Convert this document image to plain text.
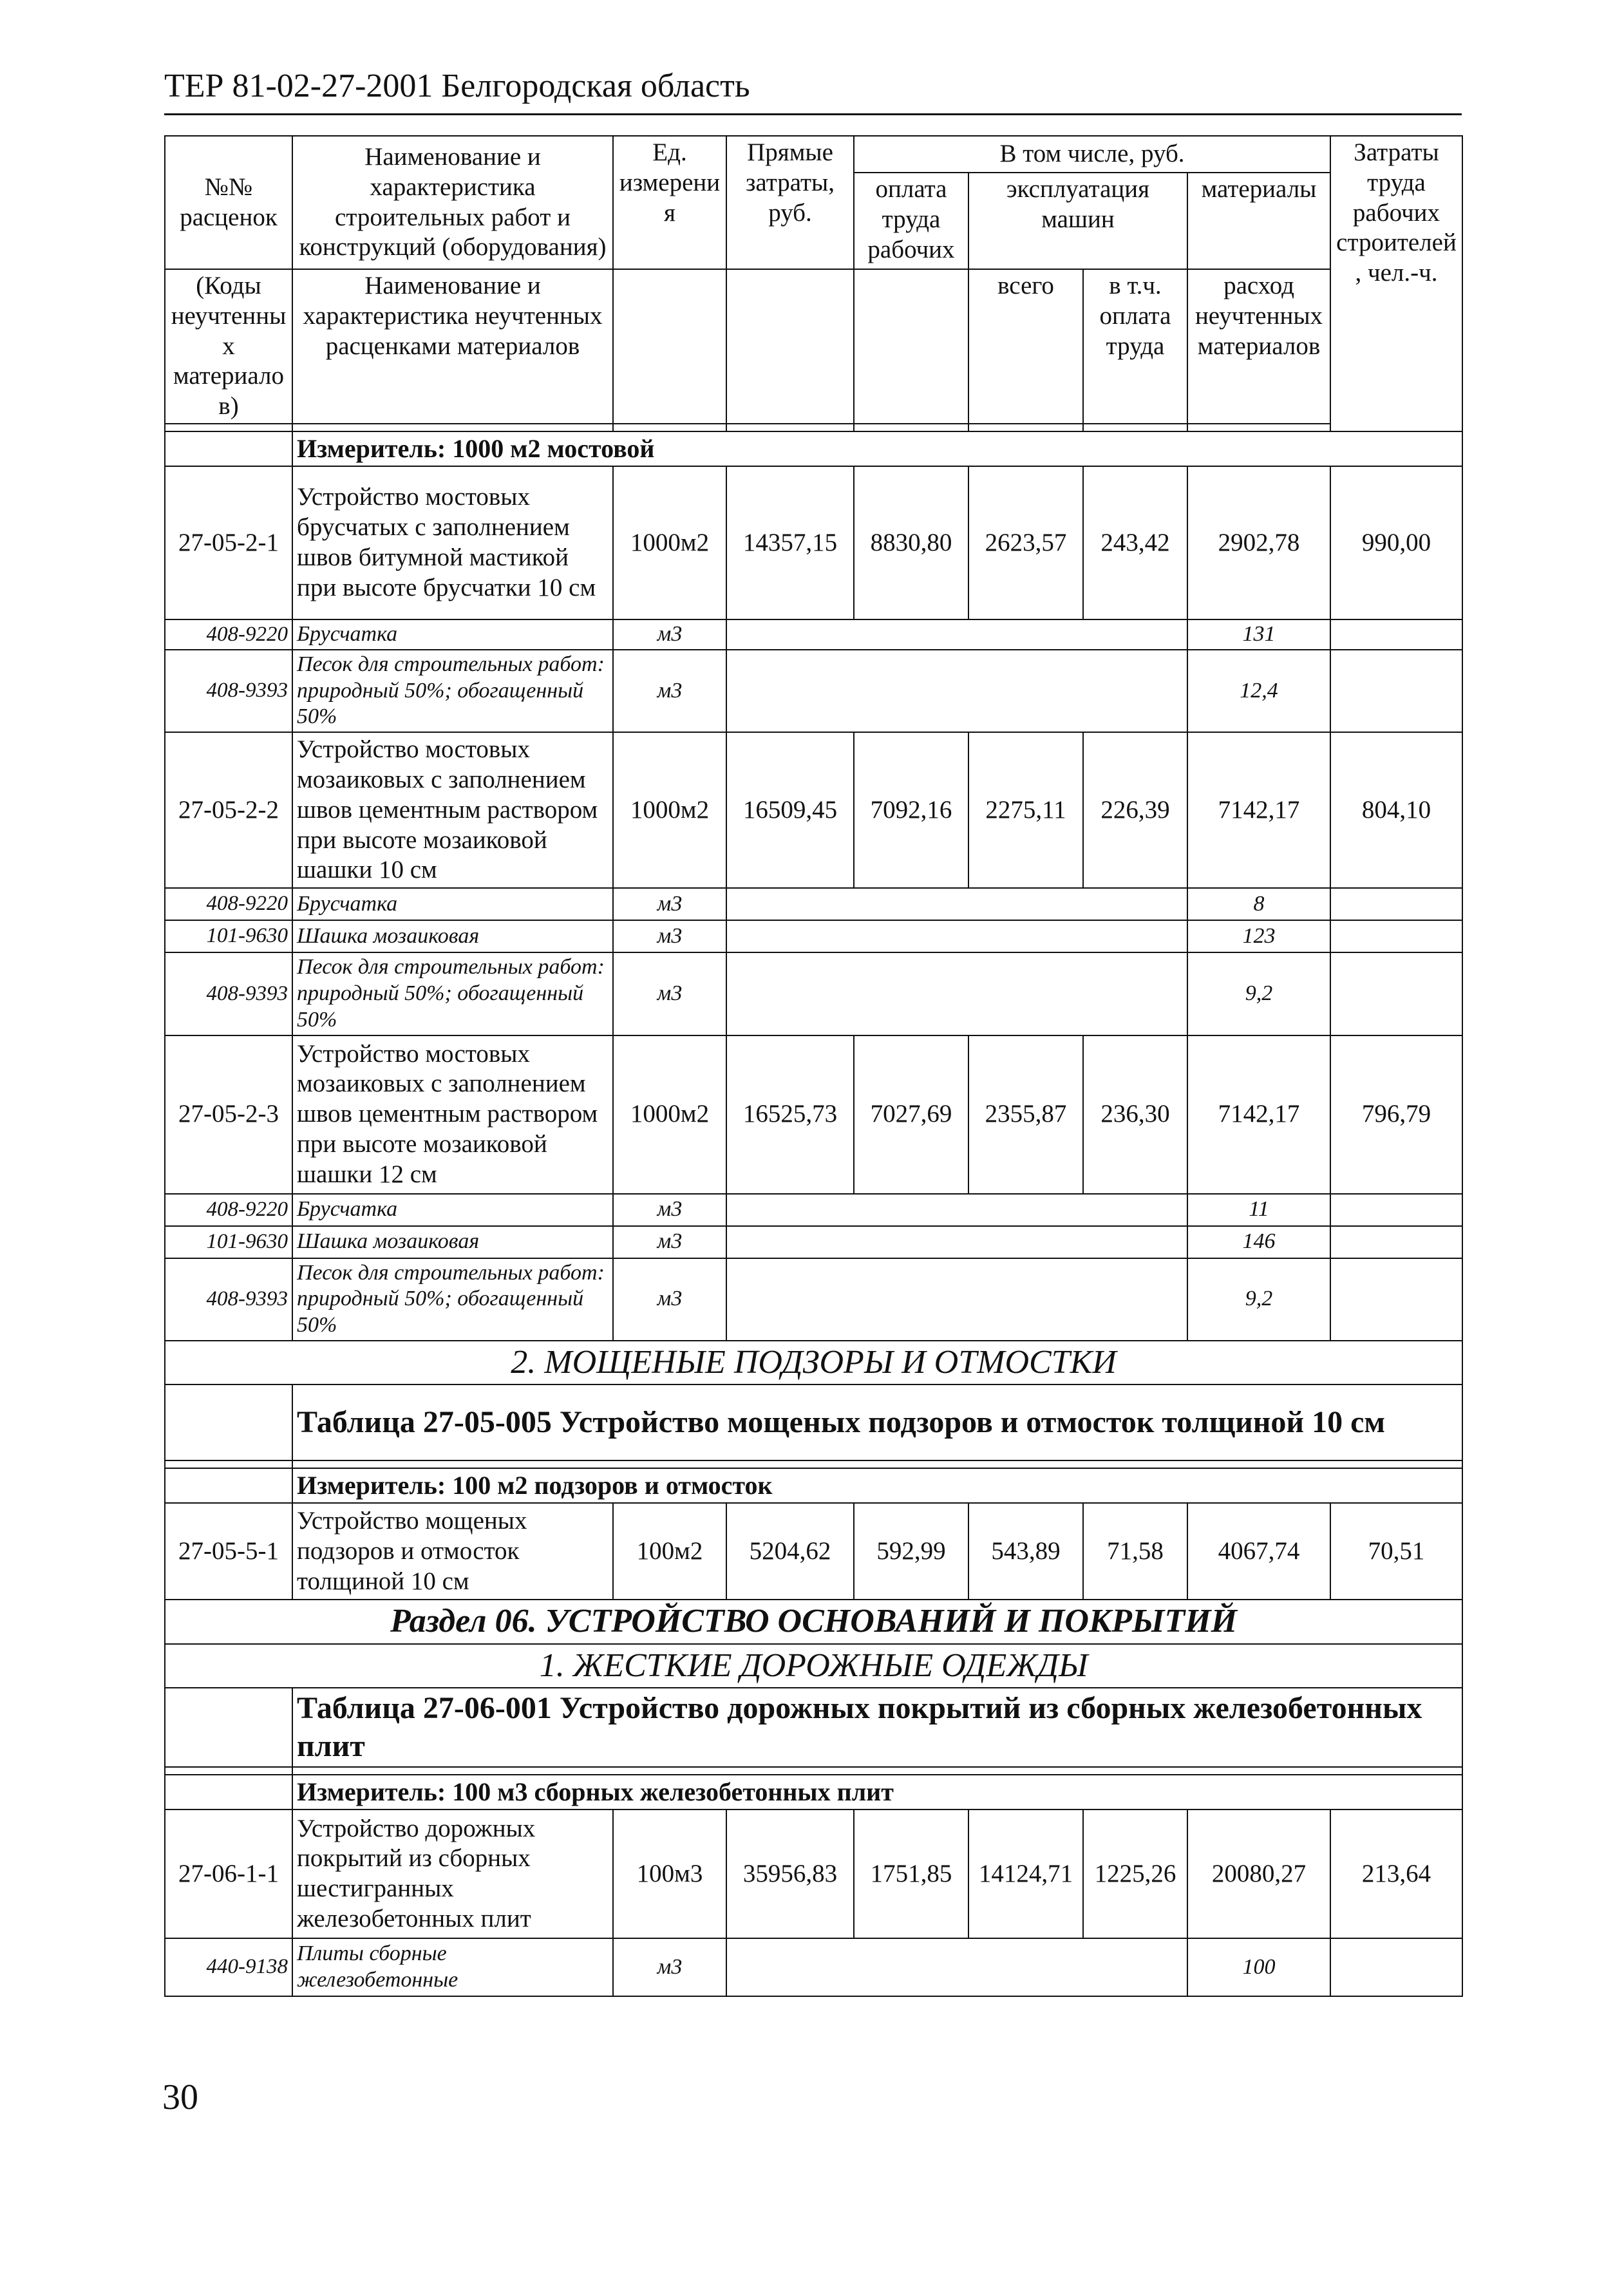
ТЕР 81-02-27-2001 Белгородская область
№№ расценок	Наименование и характеристика строительных работ и конструкций (оборудования)	Ед. измерения	Прямые затраты, руб.	В том числе, руб.				Затраты труда рабочих строителей, чел.-ч.
				оплата труда рабочих	эксплуатация машин		материалы	
(Коды неучтенных материалов)	Наименование и характеристика неучтенных расценками материалов				всего	в т.ч. оплата труда	расход неучтенных материалов	

	Измеритель: 1000 м2 мостовой							
27-05-2-1	Устройство мостовых брусчатых с заполнением швов битумной мастикой при высоте брусчатки 10 см	1000м2	14357,15	8830,80	2623,57	243,42	2902,78	990,00
408-9220	Брусчатка	м3					131	
408-9393	Песок для строительных работ: природный 50%; обогащенный 50%	м3					12,4	
27-05-2-2	Устройство мостовых мозаиковых с заполнением швов цементным раствором при высоте мозаиковой шашки 10 см	1000м2	16509,45	7092,16	2275,11	226,39	7142,17	804,10
408-9220	Брусчатка	м3					8	
101-9630	Шашка мозаиковая	м3					123	
408-9393	Песок для строительных работ: природный 50%; обогащенный 50%	м3					9,2	
27-05-2-3	Устройство мостовых мозаиковых с заполнением швов цементным раствором при высоте мозаиковой шашки 12 см	1000м2	16525,73	7027,69	2355,87	236,30	7142,17	796,79
408-9220	Брусчатка	м3					11	
101-9630	Шашка мозаиковая	м3					146	
408-9393	Песок для строительных работ: природный 50%; обогащенный 50%	м3					9,2	
2. МОЩЕНЫЕ ПОДЗОРЫ И ОТМОСТКИ								
	Таблица 27-05-005 Устройство мощеных подзоров и отмосток толщиной 10 см							

	Измеритель: 100 м2 подзоров и отмосток							
27-05-5-1	Устройство мощеных подзоров и отмосток толщиной 10 см	100м2	5204,62	592,99	543,89	71,58	4067,74	70,51
Раздел 06. УСТРОЙСТВО ОСНОВАНИЙ И ПОКРЫТИЙ								
1. ЖЕСТКИЕ ДОРОЖНЫЕ ОДЕЖДЫ								
	Таблица 27-06-001 Устройство дорожных покрытий из сборных железобетонных плит							

	Измеритель: 100 м3 сборных железобетонных плит							
27-06-1-1	Устройство дорожных покрытий из сборных шестигранных железобетонных плит	100м3	35956,83	1751,85	14124,71	1225,26	20080,27	213,64
440-9138	Плиты сборные железобетонные	м3					100	
30
